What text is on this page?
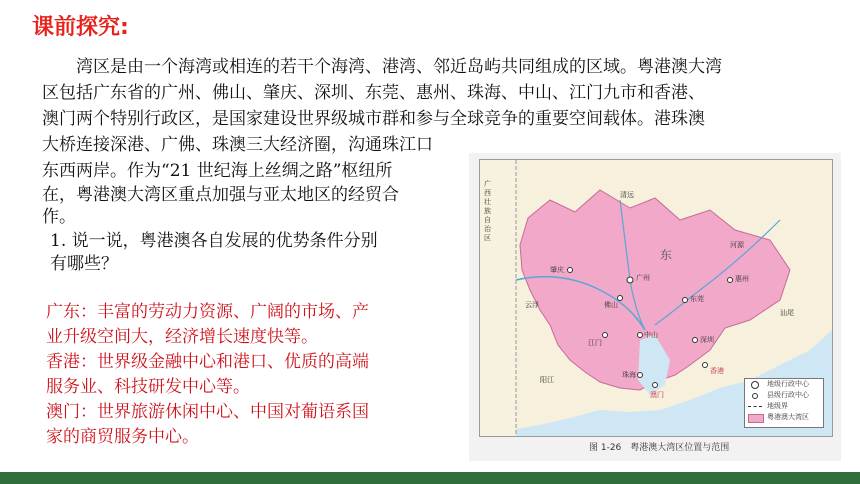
课前探究:
湾区是由一个海湾或相连的若干个海湾、港湾、邻近岛屿共同组成的区域。粤港澳大湾
区包括广东省的广州、佛山、肇庆、深圳、东莞、惠州、珠海、中山、江门九市和香港、
澳门两个特别行政区，是国家建设世界级城市群和参与全球竞争的重要空间载体。港珠澳
大桥连接深港、广佛、珠澳三大经济圈，沟通珠江口
东西两岸。作为“21 世纪海上丝绸之路”枢纽所
在，粤港澳大湾区重点加强与亚太地区的经贸合
作。
1. 说一说，粤港澳各自发展的优势条件分别
有哪些？
广东：丰富的劳动力资源、广阔的市场、产
业升级空间大，经济增长速度快等。
香港：世界级金融中心和港口、优质的高端
服务业、科技研发中心等。
澳门：世界旅游休闲中心、中国对葡语系国
家的商贸服务中心。
广西壮族自治区
东
肇庆
广州
佛山
东莞
惠州
深圳
江门
中山
珠海	香港
澳门
云浮
清远
河源
汕尾
阳江	地级行政中心
县级行政中心
地级界
粤港澳大湾区
图 1-26　粤港澳大湾区位置与范围
